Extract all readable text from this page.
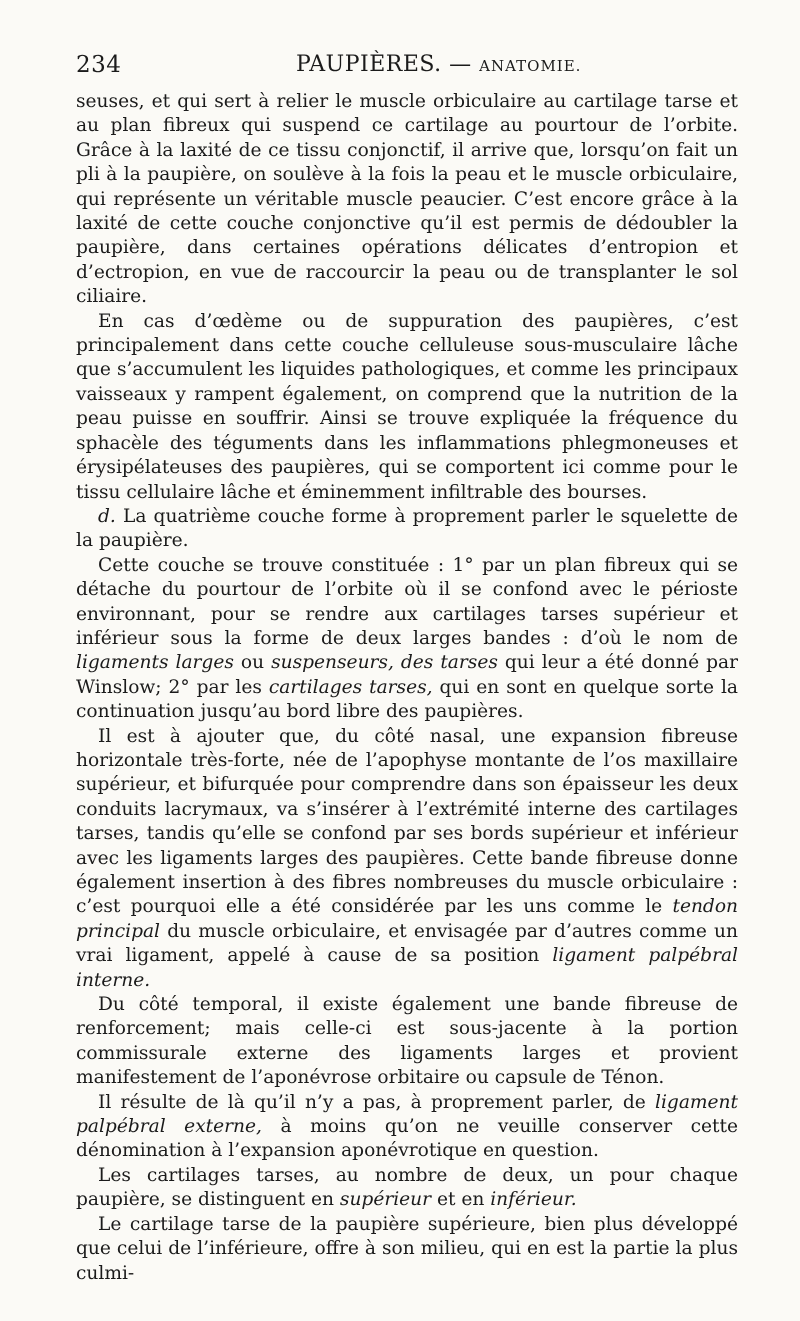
234	PAUPIÈRES. — ANATOMIE.

seuses, et qui sert à relier le muscle orbiculaire au cartilage tarse et au plan fibreux qui suspend ce cartilage au pourtour de l’orbite. Grâce à la laxité de ce tissu conjonctif, il arrive que, lorsqu’on fait un pli à la paupière, on soulève à la fois la peau et le muscle orbiculaire, qui représente un véritable muscle peaucier. C’est encore grâce à la laxité de cette couche conjonctive qu’il est permis de dédoubler la paupière, dans certaines opérations délicates d’entropion et d’ectropion, en vue de raccourcir la peau ou de transplanter le sol ciliaire.

En cas d’œdème ou de suppuration des paupières, c’est principalement dans cette couche celluleuse sous-musculaire lâche que s’accumulent les liquides pathologiques, et comme les principaux vaisseaux y rampent également, on comprend que la nutrition de la peau puisse en souffrir. Ainsi se trouve expliquée la fréquence du sphacèle des téguments dans les inflammations phlegmoneuses et érysipélateuses des paupières, qui se comportent ici comme pour le tissu cellulaire lâche et éminemment infiltrable des bourses.

d. La quatrième couche forme à proprement parler le squelette de la paupière.

Cette couche se trouve constituée : 1° par un plan fibreux qui se détache du pourtour de l’orbite où il se confond avec le périoste environnant, pour se rendre aux cartilages tarses supérieur et inférieur sous la forme de deux larges bandes : d’où le nom de ligaments larges ou suspenseurs, des tarses qui leur a été donné par Winslow; 2° par les cartilages tarses, qui en sont en quelque sorte la continuation jusqu’au bord libre des paupières.

Il est à ajouter que, du côté nasal, une expansion fibreuse horizontale très-forte, née de l’apophyse montante de l’os maxillaire supérieur, et bifurquée pour comprendre dans son épaisseur les deux conduits lacrymaux, va s’insérer à l’extrémité interne des cartilages tarses, tandis qu’elle se confond par ses bords supérieur et inférieur avec les ligaments larges des paupières. Cette bande fibreuse donne également insertion à des fibres nombreuses du muscle orbiculaire : c’est pourquoi elle a été considérée par les uns comme le tendon principal du muscle orbiculaire, et envisagée par d’autres comme un vrai ligament, appelé à cause de sa position ligament palpébral interne.

Du côté temporal, il existe également une bande fibreuse de renforcement; mais celle-ci est sous-jacente à la portion commissurale externe des ligaments larges et provient manifestement de l’aponévrose orbitaire ou capsule de Ténon.

Il résulte de là qu’il n’y a pas, à proprement parler, de ligament palpébral externe, à moins qu’on ne veuille conserver cette dénomination à l’expansion aponévrotique en question.

Les cartilages tarses, au nombre de deux, un pour chaque paupière, se distinguent en supérieur et en inférieur.

Le cartilage tarse de la paupière supérieure, bien plus développé que celui de l’inférieure, offre à son milieu, qui en est la partie la plus culmi-
